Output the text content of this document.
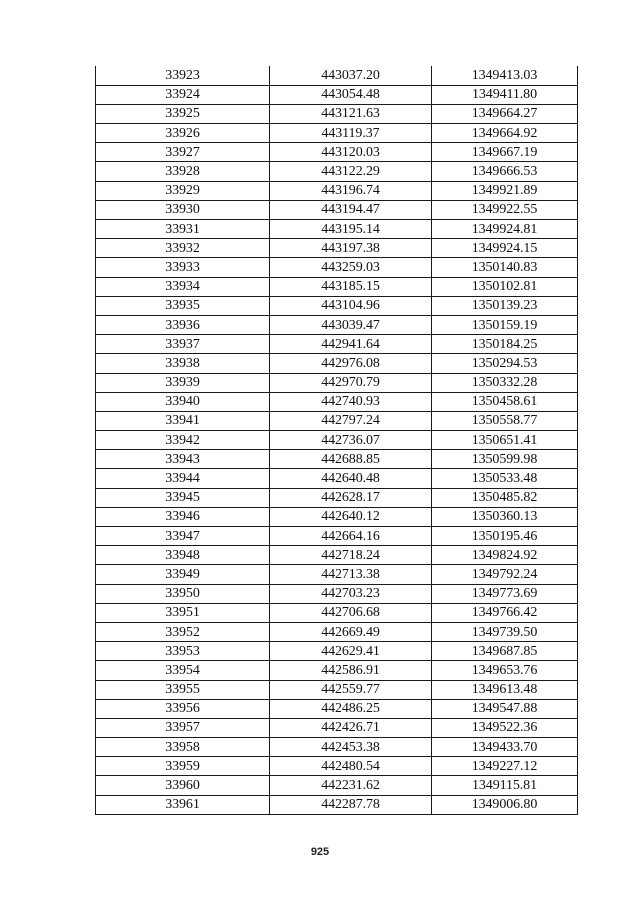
33923	443037.20	1349413.03
33924	443054.48	1349411.80
33925	443121.63	1349664.27
33926	443119.37	1349664.92
33927	443120.03	1349667.19
33928	443122.29	1349666.53
33929	443196.74	1349921.89
33930	443194.47	1349922.55
33931	443195.14	1349924.81
33932	443197.38	1349924.15
33933	443259.03	1350140.83
33934	443185.15	1350102.81
33935	443104.96	1350139.23
33936	443039.47	1350159.19
33937	442941.64	1350184.25
33938	442976.08	1350294.53
33939	442970.79	1350332.28
33940	442740.93	1350458.61
33941	442797.24	1350558.77
33942	442736.07	1350651.41
33943	442688.85	1350599.98
33944	442640.48	1350533.48
33945	442628.17	1350485.82
33946	442640.12	1350360.13
33947	442664.16	1350195.46
33948	442718.24	1349824.92
33949	442713.38	1349792.24
33950	442703.23	1349773.69
33951	442706.68	1349766.42
33952	442669.49	1349739.50
33953	442629.41	1349687.85
33954	442586.91	1349653.76
33955	442559.77	1349613.48
33956	442486.25	1349547.88
33957	442426.71	1349522.36
33958	442453.38	1349433.70
33959	442480.54	1349227.12
33960	442231.62	1349115.81
33961	442287.78	1349006.80
925
